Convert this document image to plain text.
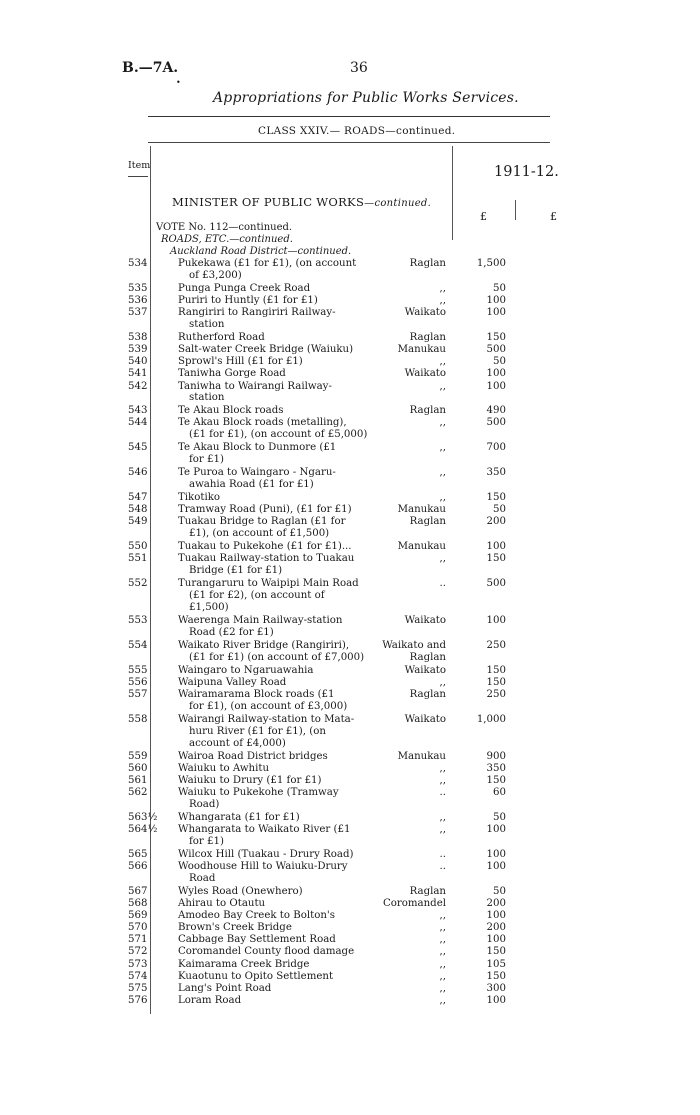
B.—7A.
•
36
Appropriations for Public Works Services.
CLASS XXIV.— ROADS—continued.
Item	1911-12.
MINISTER OF PUBLIC WORKS—continued.
£	£
VOTE No. 112—continued.
ROADS, ETC.—continued.
Auckland Road District—continued.
534	Pukekawa (£1 for £1), (on account
of £3,200)
Raglan	1,500
535	Punga Punga Creek Road	,,	50
536	Puriri to Huntly (£1 for £1)	,,	100
537	Rangiriri to Rangiriri Railway-
station
Waikato	100
538	Rutherford Road	Raglan	150
539	Salt-water Creek Bridge (Waiuku)	Manukau	500
540	Sprowl's Hill (£1 for £1)	,,	50
541	Taniwha Gorge Road	Waikato	100
542	Taniwha to Wairangi Railway-
station
,,	100
543	Te Akau Block roads	Raglan	490
544	Te Akau Block roads (metalling),
(£1 for £1), (on account of £5,000)
,,	500
545	Te Akau Block to Dunmore (£1
for £1)
,,	700
546	Te Puroa to Waingaro - Ngaru-
awahia Road (£1 for £1)
,,	350
547	Tikotiko	,,	150
548	Tramway Road (Puni), (£1 for £1)	Manukau	50
549	Tuakau Bridge to Raglan (£1 for
£1), (on account of £1,500)
Raglan	200
550	Tuakau to Pukekohe (£1 for £1)...	Manukau	100
551	Tuakau Railway-station to Tuakau
Bridge (£1 for £1)
,,	150
552	Turangaruru to Waipipi Main Road
(£1 for £2), (on account of
£1,500)
..	500
553	Waerenga Main Railway-station
Road (£2 for £1)
Waikato	100
554	Waikato River Bridge (Rangiriri),
(£1 for £1) (on account of £7,000)
Waikato and
Raglan
250
555	Waingaro to Ngaruawahia	Waikato	150
556	Waipuna Valley Road	,,	150
557	Wairamarama Block roads (£1
for £1), (on account of £3,000)
Raglan	250
558	Wairangi Railway-station to Mata-
huru River (£1 for £1), (on
account of £4,000)
Waikato	1,000
559	Wairoa Road District bridges	Manukau	900
560	Waiuku to Awhitu	,,	350
561	Waiuku to Drury (£1 for £1)	,,	150
562	Waiuku to Pukekohe (Tramway
Road)
..	60
563½ Whangarata (£1 for £1)	,,	50
564½ Whangarata to Waikato River (£1
for £1)
,,	100
565	Wilcox Hill (Tuakau - Drury Road)	..	100
566	Woodhouse Hill to Waiuku-Drury
Road
..	100
567	Wyles Road (Onewhero)	Raglan	50
568	Ahirau to Otautu	Coromandel	200
569	Amodeo Bay Creek to Bolton's	,,	100
570	Brown's Creek Bridge	,,	200
571	Cabbage Bay Settlement Road	,,	100
572	Coromandel County flood damage	,,	150
573	Kaimarama Creek Bridge	,,	105
574	Kuaotunu to Opito Settlement	,,	150
575	Lang's Point Road	,,	300
576	Loram Road	,,	100
